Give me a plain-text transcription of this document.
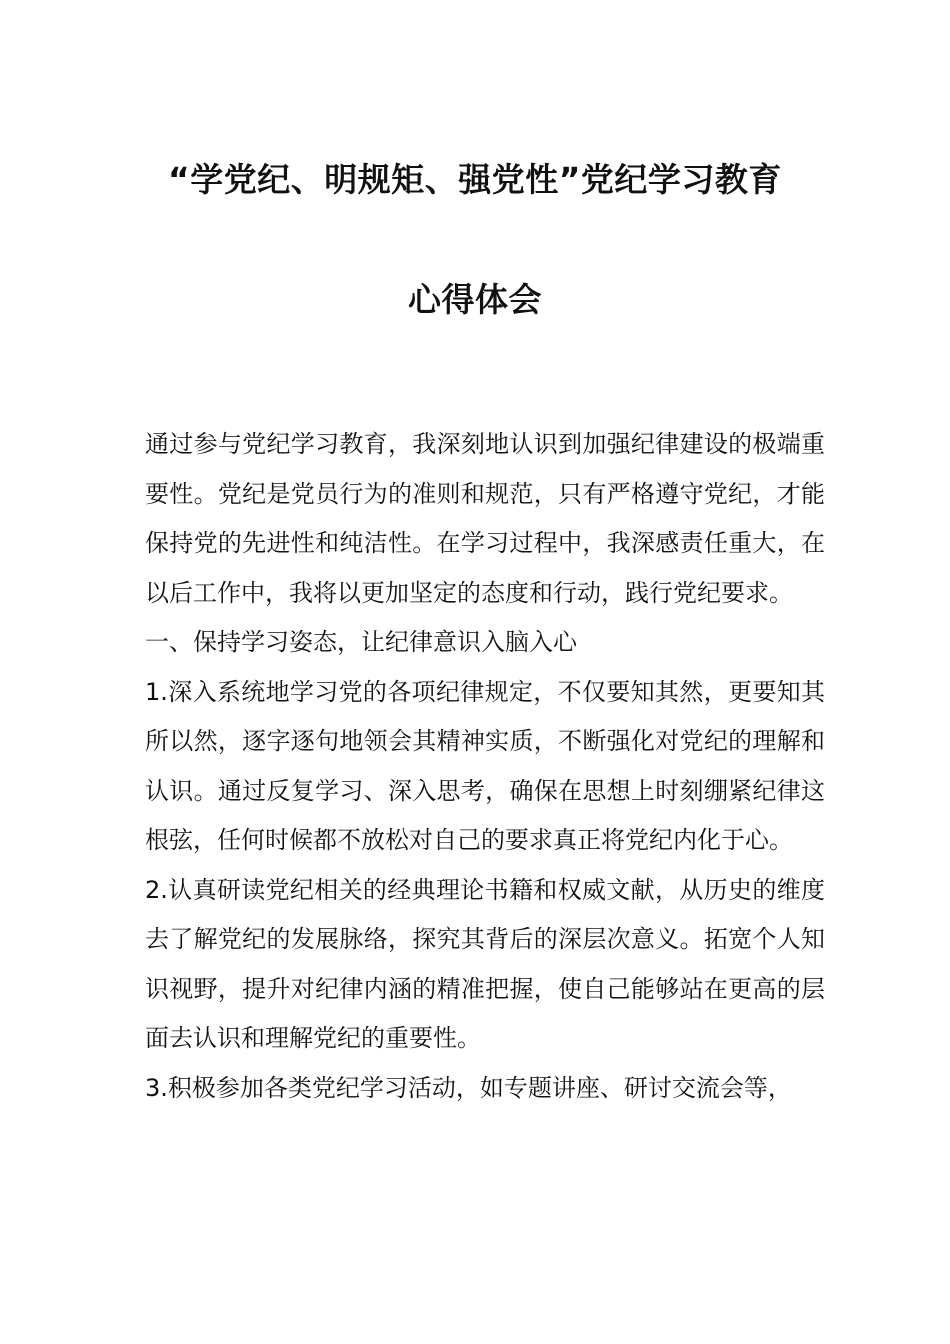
“学党纪、明规矩、强党性”党纪学习教育
心得体会

通过参与党纪学习教育，我深刻地认识到加强纪律建设的极端重要性。党纪是党员行为的准则和规范，只有严格遵守党纪，才能保持党的先进性和纯洁性。在学习过程中，我深感责任重大，在以后工作中，我将以更加坚定的态度和行动，践行党纪要求。

一、保持学习姿态，让纪律意识入脑入心

1.深入系统地学习党的各项纪律规定，不仅要知其然，更要知其所以然，逐字逐句地领会其精神实质，不断强化对党纪的理解和认识。通过反复学习、深入思考，确保在思想上时刻绷紧纪律这根弦，任何时候都不放松对自己的要求真正将党纪内化于心。

2.认真研读党纪相关的经典理论书籍和权威文献，从历史的维度去了解党纪的发展脉络，探究其背后的深层次意义。拓宽个人知识视野，提升对纪律内涵的精准把握，使自己能够站在更高的层面去认识和理解党纪的重要性。

3.积极参加各类党纪学习活动，如专题讲座、研讨交流会等，
